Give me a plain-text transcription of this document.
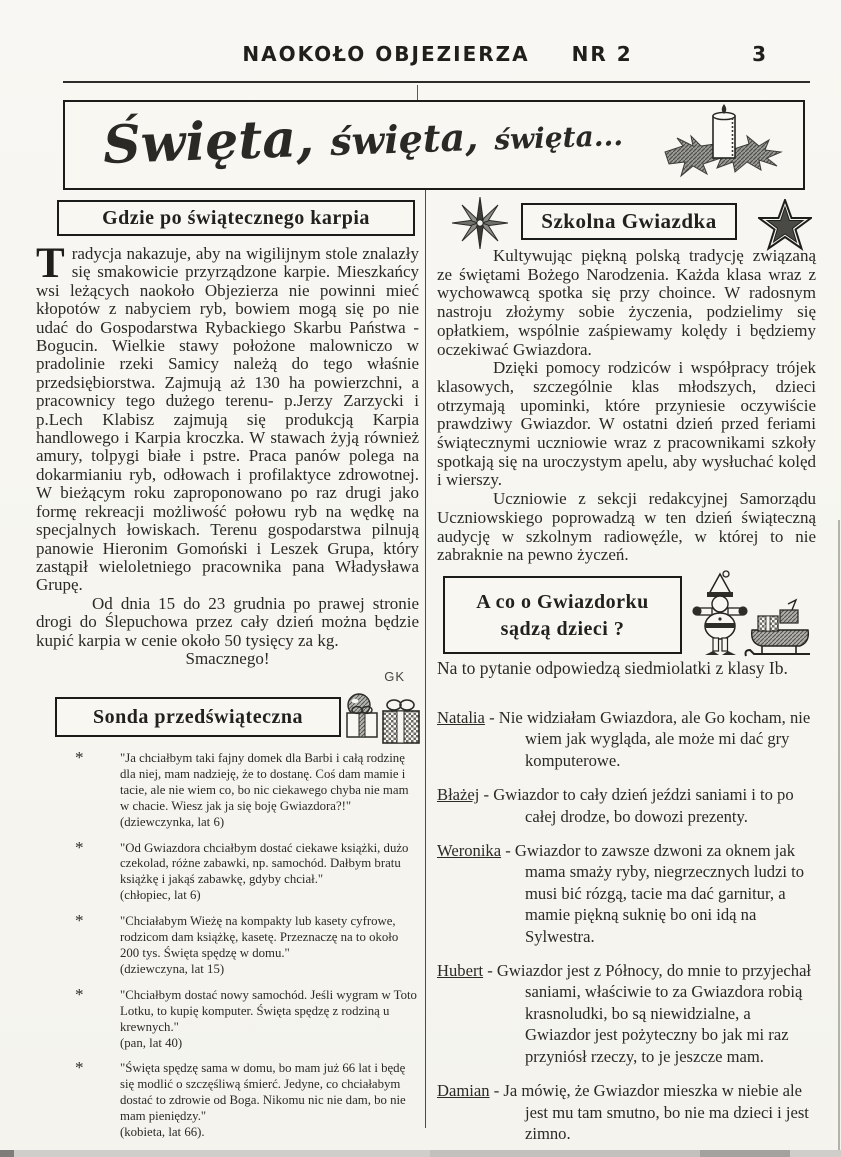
NAOKOŁO OBJEZIERZA NR 2	3
Święta, święta, święta...
Gdzie po świątecznego karpia

Tradycja nakazuje, aby na wigilijnym stole znalazły się smakowicie przyrządzone karpie. Mieszkańcy wsi leżących naokoło Objezierza nie powinni mieć kłopotów z nabyciem ryb, bowiem mogą się po nie udać do Gospodarstwa Rybackiego Skarbu Państwa - Bogucin. Wielkie stawy położone malowniczo w pradolinie rzeki Samicy należą do tego właśnie przedsiębiorstwa. Zajmują aż 130 ha powierzchni, a pracownicy tego dużego terenu- p.Jerzy Zarzycki i p.Lech Klabisz zajmują się produkcją Karpia handlowego i Karpia kroczka. W stawach żyją również amury, tolpygi białe i pstre. Praca panów polega na dokarmianiu ryb, odłowach i profilaktyce zdrowotnej. W bieżącym roku zaproponowano po raz drugi jako formę rekreacji możliwość połowu ryb na wędkę na specjalnych łowiskach. Terenu gospodarstwa pilnują panowie Hieronim Gomoński i Leszek Grupa, który zastąpił wieloletniego pracownika pana Władysława Grupę.

Od dnia 15 do 23 grudnia po prawej stronie drogi do Ślepuchowa przez cały dzień można będzie kupić karpia w cenie około 50 tysięcy za kg.

Smacznego!

GK

Sonda przedświąteczna
*	"Ja chciałbym taki fajny domek dla Barbi i całą rodzinę dla niej, mam nadzieję, że to dostanę. Coś dam mamie i tacie, ale nie wiem co, bo nic ciekawego chyba nie mam w chacie. Wiesz jak ja się boję Gwiazdora?!"
(dziewczynka, lat 6)
*	"Od Gwiazdora chciałbym dostać ciekawe książki, dużo czekolad, różne zabawki, np. samochód. Dałbym bratu książkę i jakąś zabawkę, gdyby chciał."
(chłopiec, lat 6)
*	"Chciałabym Wieżę na kompakty lub kasety cyfrowe, rodzicom dam książkę, kasetę. Przeznaczę na to około 200 tys. Święta spędzę w domu."
(dziewczyna, lat 15)
*	"Chciałbym dostać nowy samochód. Jeśli wygram w Toto Lotku, to kupię komputer. Święta spędzę z rodziną u krewnych."
(pan, lat 40)
*	"Święta spędzę sama w domu, bo mam już 66 lat i będę się modlić o szczęśliwą śmierć. Jedyne, co chciałabym dostać to zdrowie od Boga. Nikomu nic nie dam, bo nie mam pieniędzy."
(kobieta, lat 66).
Szkolna Gwiazdka

Kultywując piękną polską tradycję związaną ze świętami Bożego Narodzenia. Każda klasa wraz z wychowawcą spotka się przy choince. W radosnym nastroju złożymy sobie życzenia, podzielimy się opłatkiem, wspólnie zaśpiewamy kolędy i będziemy oczekiwać Gwiazdora.

Dzięki pomocy rodziców i współpracy trójek klasowych, szczególnie klas młodszych, dzieci otrzymają upominki, które przyniesie oczywiście prawdziwy Gwiazdor. W ostatni dzień przed feriami świątecznymi uczniowie wraz z pracownikami szkoły spotkają się na uroczystym apelu, aby wysłuchać kolęd i wierszy.

Uczniowie z sekcji redakcyjnej Samorządu Uczniowskiego poprowadzą w ten dzień świąteczną audycję w szkolnym radiowęźle, w której to nie zabraknie na pewno życzeń.

A co o Gwiazdorku
sądzą dzieci ?
Na to pytanie odpowiedzą siedmiolatki z klasy Ib.

Natalia - Nie widziałam Gwiazdora, ale Go kocham, nie wiem jak wygląda, ale może mi dać gry komputerowe.

Błażej - Gwiazdor to cały dzień jeździ saniami i to po całej drodze, bo dowozi prezenty.

Weronika - Gwiazdor to zawsze dzwoni za oknem jak mama smaży ryby, niegrzecznych ludzi to musi bić rózgą, tacie ma dać garnitur, a mamie piękną suknię bo oni idą na Sylwestra.

Hubert - Gwiazdor jest z Północy, do mnie to przyjechał saniami, właściwie to za Gwiazdora robią krasnoludki, bo są niewidzialne, a Gwiazdor jest pożyteczny bo jak mi raz przyniósł rzeczy, to je jeszcze mam.

Damian - Ja mówię, że Gwiazdor mieszka w niebie ale jest mu tam smutno, bo nie ma dzieci i jest zimno.
